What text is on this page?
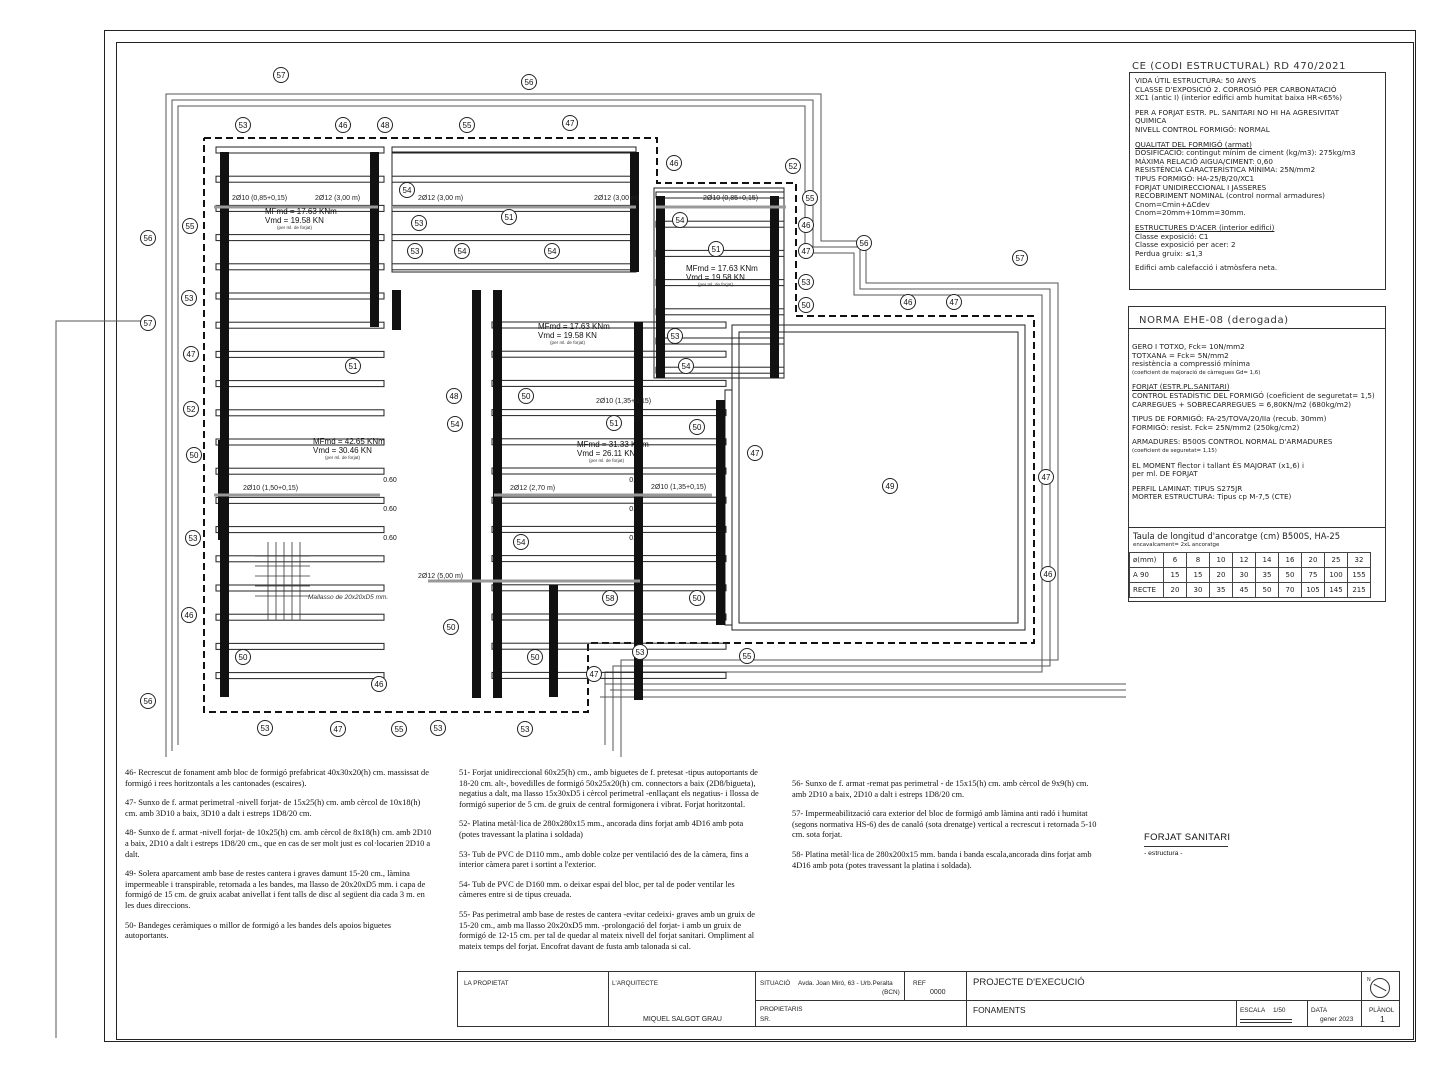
57
56
53	46	48	55	47
46	52
54
55
53
51	54
55	46
56
56
53	54	54	51	47
57
53
53	46	47
50
57
53
47
51	54
48	50
52
54	51	50
47
50
49
47
53	54
46
58	50
46
50
50	50
53	55
47
46
56
53	47	55	53	53
MFmd = 17.63 KNm
Vmd = 19.58 KN
(per ml. de forjat)
MFmd = 17.63 KNm
Vmd = 19.58 KN
(per ml. de forjat)
MFmd = 17.63 KNm
Vmd = 19.58 KN
(per ml. de forjat)
MFmd = 42.65 KNm
Vmd = 30.46 KN
(per ml. de forjat)
MFmd = 31.33 KNm
Vmd = 26.11 KN
(per ml. de forjat)
2Ø10 (0,85+0,15)	2Ø12 (3,00 m)	2Ø12 (3,00 m)	2Ø12 (3,00 m)	2Ø10 (0,85+0,15)
2Ø10 (1,35+0,15)
2Ø10 (1,50+0,15)	2Ø12 (2,70 m)	2Ø10 (1,35+0,15)
2Ø12 (5,00 m)
0.60
0.60
0.60
0.60
0.60
0.60
Mallasso de 20x20xD5 mm.
CE (CODI ESTRUCTURAL) RD 470/2021
VIDA ÚTIL ESTRUCTURA: 50 ANYS
CLASSE D'EXPOSICIÓ 2. CORROSIÓ PER CARBONATACIÓ
XC1 (antic I) (interior edifici amb humitat baixa HR<65%)
PER A FORJAT ESTR. PL. SANITARI NO HI HA AGRESIVITAT
QUIMICA
NIVELL CONTROL FORMIGÓ: NORMAL
QUALITAT DEL FORMIGÓ (armat)
DOSIFICACIÓ: contingut mínim de ciment (kg/m3): 275kg/m3
MÀXIMA RELACIÓ AIGUA/CIMENT: 0,60
RESISTÈNCIA CARACTERÍSTICA MÍNIMA: 25N/mm2
TIPUS FORMIGÓ: HA-25/B/20/XC1
FORJAT UNIDIRECCIONAL I JASSERES
RECOBRIMENT NOMINAL (control normal armadures)
Cnom=Cmin+ΔCdev
Cnom=20mm+10mm=30mm.
ESTRUCTURES D'ACER (interior edifici)
Classe exposició: C1
Classe exposició per acer: 2
Perdua gruix: ≤1,3
Edifici amb calefacció i atmòsfera neta.
NORMA EHE-08 (derogada)
GERO I TOTXO, Fck= 10N/mm2
TOTXANA = Fck= 5N/mm2
resistència a compressió mínima
(coeficient de majoració de càrregues Gd= 1,6)
FORJAT (ESTR.PL.SANITARI)
CONTROL ESTADÍSTIC DEL FORMIGÓ (coeficient de seguretat= 1,5)
CARREGUES + SOBRECARREGUES = 6,80KN/m2 (680kg/m2)
TIPUS DE FORMIGÓ: FA-25/TOVA/20/IIa (recub. 30mm)
FORMIGÓ: resist. Fck= 25N/mm2 (250kg/cm2)
ARMADURES: B500S CONTROL NORMAL D'ARMADURES
(coeficient de seguretat= 1,15)
EL MOMENT flector i tallant ÉS MAJORAT (x1,6) i
per ml. DE FORJAT
PERFIL LAMINAT: TIPUS S275JR
MORTER ESTRUCTURA: Tipus cp M-7,5 (CTE)
Taula de longitud d'ancoratge (cm) B500S, HA-25
encavalcament= 2xL ancoratge
ø(mm)	6	8	10	12	14	16	20	25	32
A 90	15	15	20	30	35	50	75	100	155
RECTE	20	30	35	45	50	70	105	145	215
FORJAT SANITARI
- estructura -

46- Recrescut de fonament amb bloc de formigó prefabricat 40x30x20(h) cm. massissat de formigó i rees horitzontals a les cantonades (escaires).

47- Sunxo de f. armat perimetral -nivell forjat- de 15x25(h) cm. amb cèrcol de 10x18(h) cm. amb 3D10 a baix, 3D10 a dalt i estreps 1D8/20 cm.

48- Sunxo de f. armat -nivell forjat- de 10x25(h) cm. amb cèrcol de 8x18(h) cm. amb 2D10 a baix, 2D10 a dalt i estreps 1D8/20 cm., que en cas de ser molt just es col·locarien 2D10 a dalt.

49- Solera aparcament amb base de restes cantera i graves damunt 15-20 cm., làmina impermeable i transpirable, retornada a les bandes, ma llasso de 20x20xD5 mm. i capa de formigó de 15 cm. de gruix acabat anivellat i fent talls de disc al següent dia cada 3 m. en les dues direccions.

50- Bandeges ceràmiques o millor de formigó a les bandes dels apoios biguetes autoportants.

51- Forjat unidireccional 60x25(h) cm., amb biguetes de f. pretesat -tipus autoportants de 18-20 cm. alt-, bovedilles de formigó 50x25x20(h) cm. connectors a baix (2D8/bigueta), negatius a dalt, ma llasso 15x30xD5 i cèrcol perimetral -enllaçant els negatius- i llossa de formigó superior de 5 cm. de gruix de central formigonera i vibrat. Forjat horitzontal.

52- Platina metàl·lica de 280x280x15 mm., ancorada dins forjat amb 4D16 amb pota (potes travessant la platina i soldada)

53- Tub de PVC de D110 mm., amb doble colze per ventilació des de la càmera, fins a interior càmera paret i sortint a l'exterior.

54- Tub de PVC de D160 mm. o deixar espai del bloc, per tal de poder ventilar les càmeres entre si de tipus creuada.

55- Pas perimetral amb base de restes de cantera -evitar cedeixi- graves amb un gruix de 15-20 cm., amb ma llasso 20x20xD5 mm. -prolongació del forjat- i amb un gruix de formigó de 12-15 cm. per tal de quedar al mateix nivell del forjat sanitari. Ompliment al mateix temps del forjat. Encofrat davant de fusta amb talonada si cal.

56- Sunxo de f. armat -remat pas perimetral - de 15x15(h) cm. amb cèrcol de 9x9(h) cm. amb 2D10 a baix, 2D10 a dalt i estreps 1D8/20 cm.

57- Impermeabilització cara exterior del bloc de formigó amb làmina anti radó i humitat (segons normativa HS-6) des de canaló (sota drenatge) vertical a recrescut i retornada 5-10 cm. sota forjat.

58- Platina metàl·lica de 280x200x15 mm. banda i banda escala,ancorada dins forjat amb 4D16 amb pota (potes travessant la platina i soldada).

LA PROPIETAT	L'ARQUITECTE
MIQUEL SALGOT GRAU
SITUACIÓ Avda. Joan Miró, 63 - Urb.Peralta
(BCN)
REF
0000
PROJECTE D'EXECUCIÓ
PROPIETARIS
SR.
FONAMENTS	ESCALA 1/50	DATA
gener 2023
PLÀNOL
1
N
